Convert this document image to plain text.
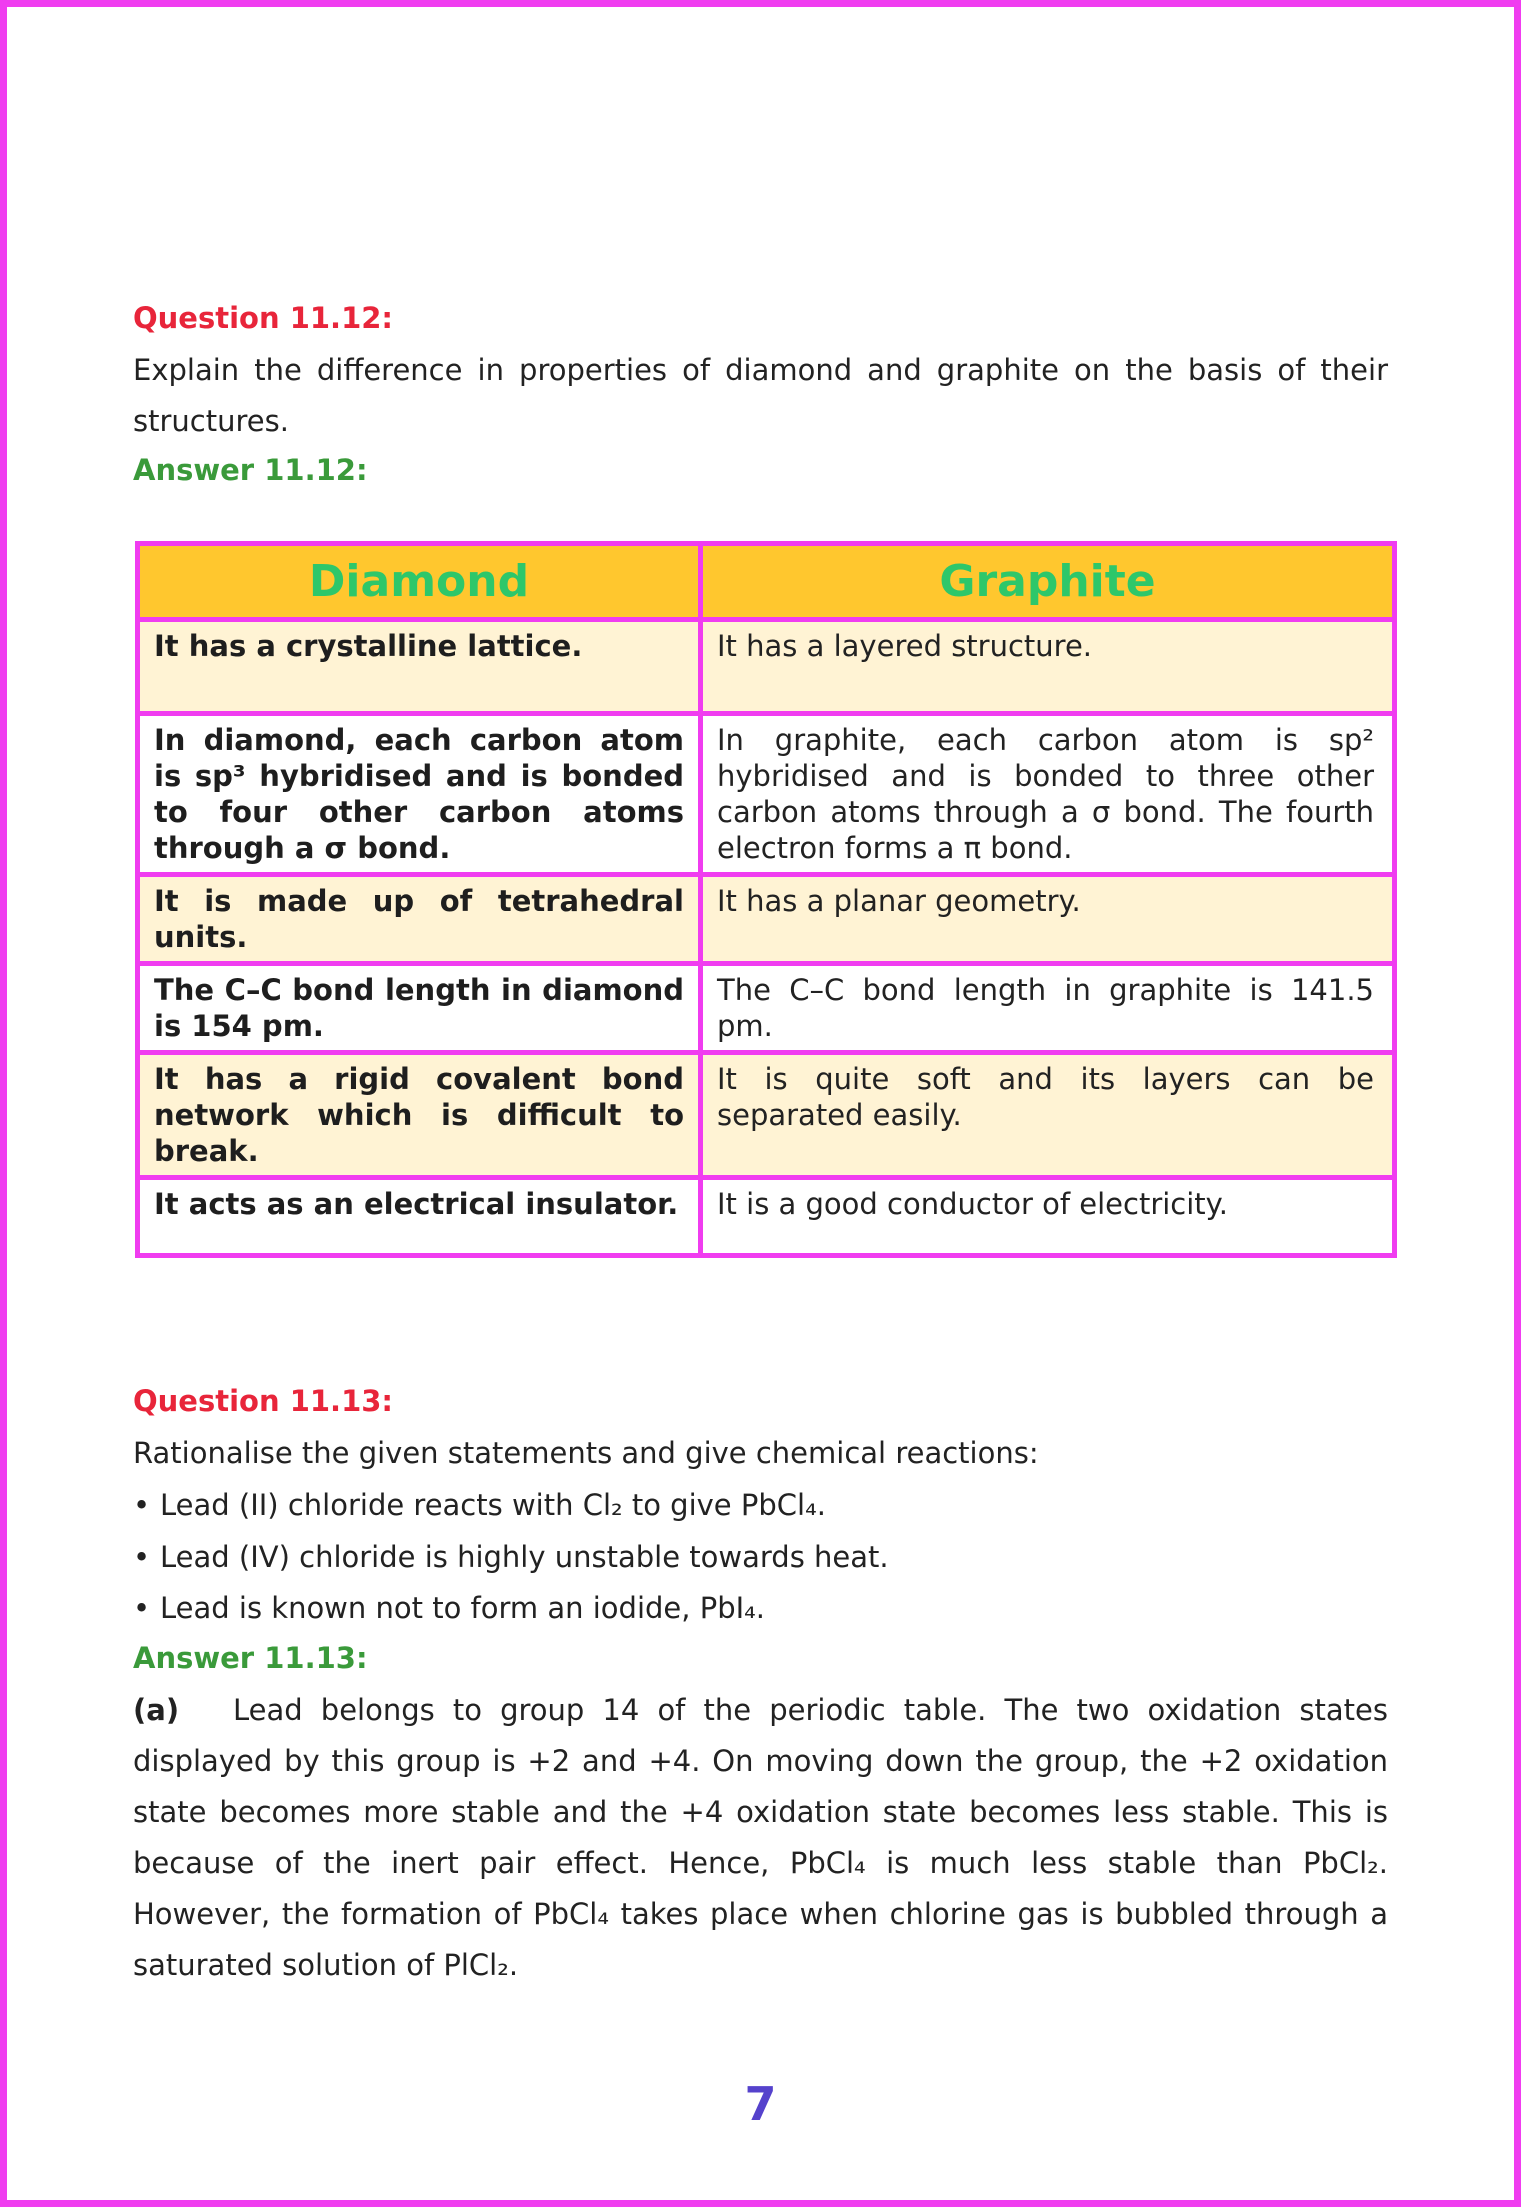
Question 11.12:

Explain the difference in properties of diamond and graphite on the basis of their structures.

Answer 11.12:
Diamond	Graphite
It has a crystalline lattice.	It has a layered structure.
In diamond, each carbon atom is sp³ hybridised and is bonded to four other carbon atoms through a σ bond.	In graphite, each carbon atom is sp² hybridised and is bonded to three other carbon atoms through a σ bond. The fourth electron forms a π bond.
It is made up of tetrahedral units.	It has a planar geometry.
The C–C bond length in diamond is 154 pm.	The C–C bond length in graphite is 141.5 pm.
It has a rigid covalent bond network which is difficult to break.	It is quite soft and its layers can be separated easily.
It acts as an electrical insulator.	It is a good conductor of electricity.
Question 11.13:

Rationalise the given statements and give chemical reactions:

• Lead (II) chloride reacts with Cl₂ to give PbCl₄.

• Lead (IV) chloride is highly unstable towards heat.

• Lead is known not to form an iodide, PbI₄.

Answer 11.13:

(a) Lead belongs to group 14 of the periodic table. The two oxidation states displayed by this group is +2 and +4. On moving down the group, the +2 oxidation state becomes more stable and the +4 oxidation state becomes less stable. This is because of the inert pair effect. Hence, PbCl₄ is much less stable than PbCl₂. However, the formation of PbCl₄ takes place when chlorine gas is bubbled through a saturated solution of PlCl₂.

7
